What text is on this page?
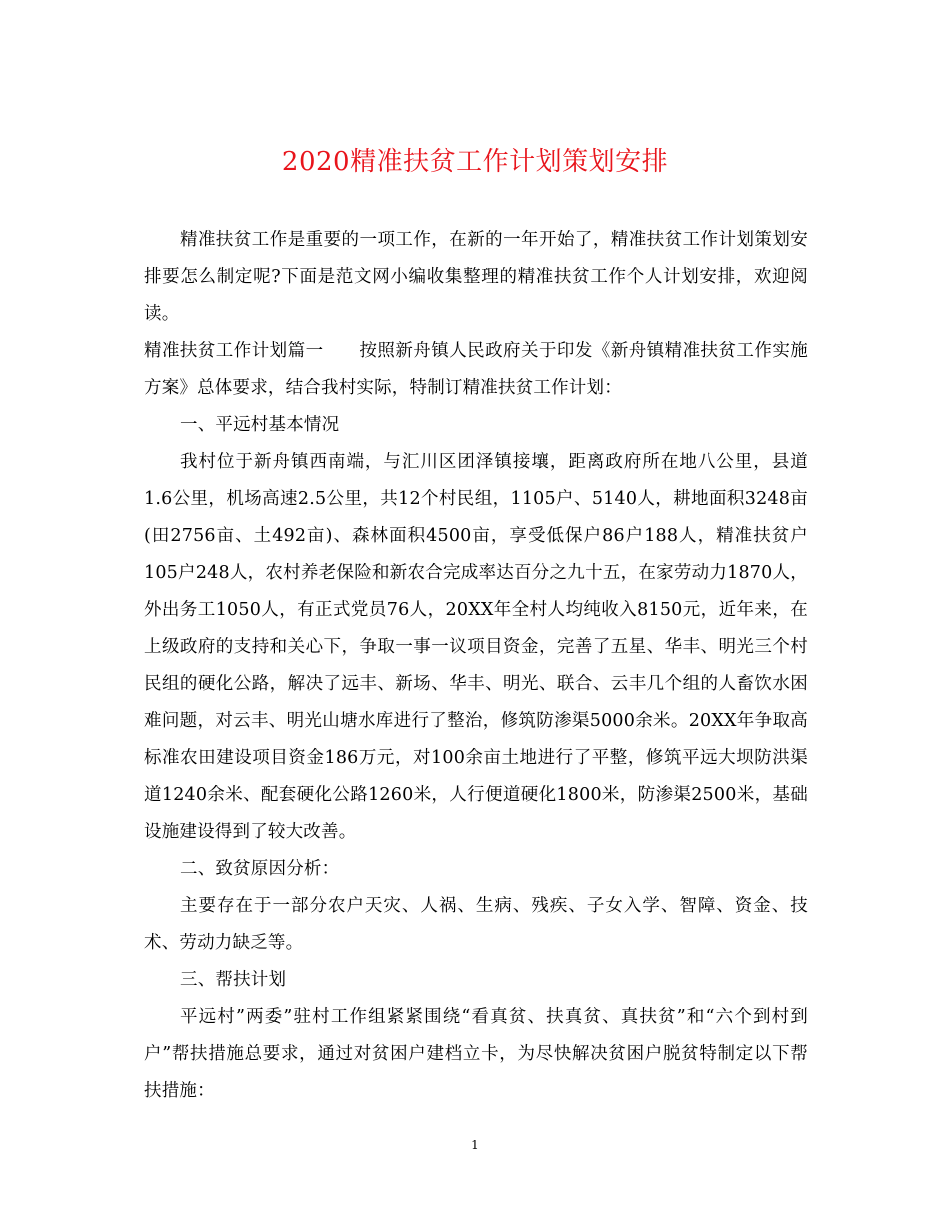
2020精准扶贫工作计划策划安排

精准扶贫工作是重要的一项工作，在新的一年开始了，精准扶贫工作计划策划安排要怎么制定呢?下面是范文网小编收集整理的精准扶贫工作个人计划安排，欢迎阅读。

精准扶贫工作计划篇一　　按照新舟镇人民政府关于印发《新舟镇精准扶贫工作实施方案》总体要求，结合我村实际，特制订精准扶贫工作计划：

一、平远村基本情况

我村位于新舟镇西南端，与汇川区团泽镇接壤，距离政府所在地八公里，县道1.6公里，机场高速2.5公里，共12个村民组，1105户、5140人，耕地面积3248亩(田2756亩、土492亩)、森林面积4500亩，享受低保户86户188人，精准扶贫户105户248人，农村养老保险和新农合完成率达百分之九十五，在家劳动力1870人，外出务工1050人，有正式党员76人，20XX年全村人均纯收入8150元，近年来，在上级政府的支持和关心下，争取一事一议项目资金，完善了五星、华丰、明光三个村民组的硬化公路，解决了远丰、新场、华丰、明光、联合、云丰几个组的人畜饮水困难问题，对云丰、明光山塘水库进行了整治，修筑防渗渠5000余米。20XX年争取高标准农田建设项目资金186万元，对100余亩土地进行了平整，修筑平远大坝防洪渠道1240余米、配套硬化公路1260米，人行便道硬化1800米，防渗渠2500米，基础设施建设得到了较大改善。

二、致贫原因分析：

主要存在于一部分农户天灾、人祸、生病、残疾、子女入学、智障、资金、技术、劳动力缺乏等。

三、帮扶计划

平远村”两委”驻村工作组紧紧围绕“看真贫、扶真贫、真扶贫”和“六个到村到户”帮扶措施总要求，通过对贫困户建档立卡，为尽快解决贫困户脱贫特制定以下帮扶措施：

1
